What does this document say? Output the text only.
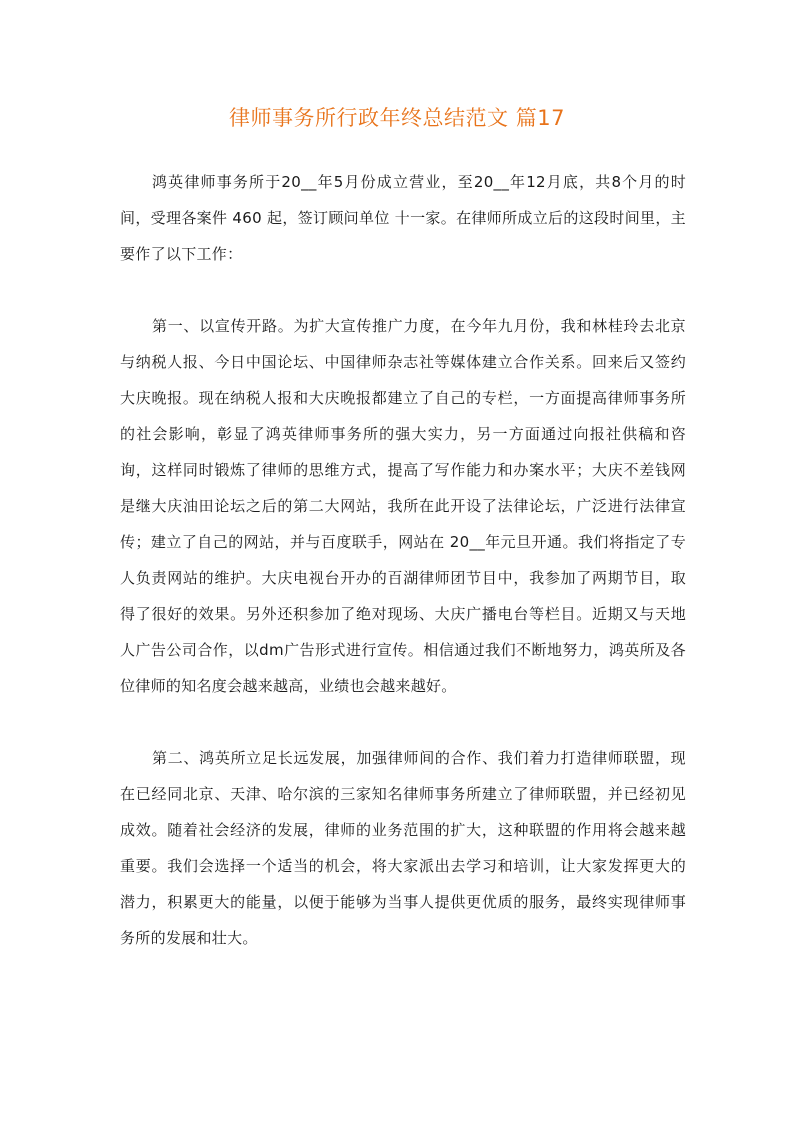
律师事务所行政年终总结范文 篇17

鸿英律师事务所于20__年5月份成立营业，至20__年12月底，共8个月的时间，受理各案件 460 起，签订顾问单位 十一家。在律师所成立后的这段时间里，主要作了以下工作：

第一、以宣传开路。为扩大宣传推广力度，在今年九月份，我和林桂玲去北京与纳税人报、今日中国论坛、中国律师杂志社等媒体建立合作关系。回来后又签约大庆晚报。现在纳税人报和大庆晚报都建立了自己的专栏，一方面提高律师事务所的社会影响，彰显了鸿英律师事务所的强大实力，另一方面通过向报社供稿和咨询，这样同时锻炼了律师的思维方式，提高了写作能力和办案水平；大庆不差钱网是继大庆油田论坛之后的第二大网站，我所在此开设了法律论坛，广泛进行法律宣传；建立了自己的网站，并与百度联手，网站在 20__年元旦开通。我们将指定了专人负责网站的维护。大庆电视台开办的百湖律师团节目中，我参加了两期节目，取得了很好的效果。另外还积参加了绝对现场、大庆广播电台等栏目。近期又与天地人广告公司合作，以dm广告形式进行宣传。相信通过我们不断地努力，鸿英所及各位律师的知名度会越来越高，业绩也会越来越好。

第二、鸿英所立足长远发展，加强律师间的合作、我们着力打造律师联盟，现在已经同北京、天津、哈尔滨的三家知名律师事务所建立了律师联盟，并已经初见成效。随着社会经济的发展，律师的业务范围的扩大，这种联盟的作用将会越来越重要。我们会选择一个适当的机会，将大家派出去学习和培训，让大家发挥更大的潜力，积累更大的能量，以便于能够为当事人提供更优质的服务，最终实现律师事务所的发展和壮大。
